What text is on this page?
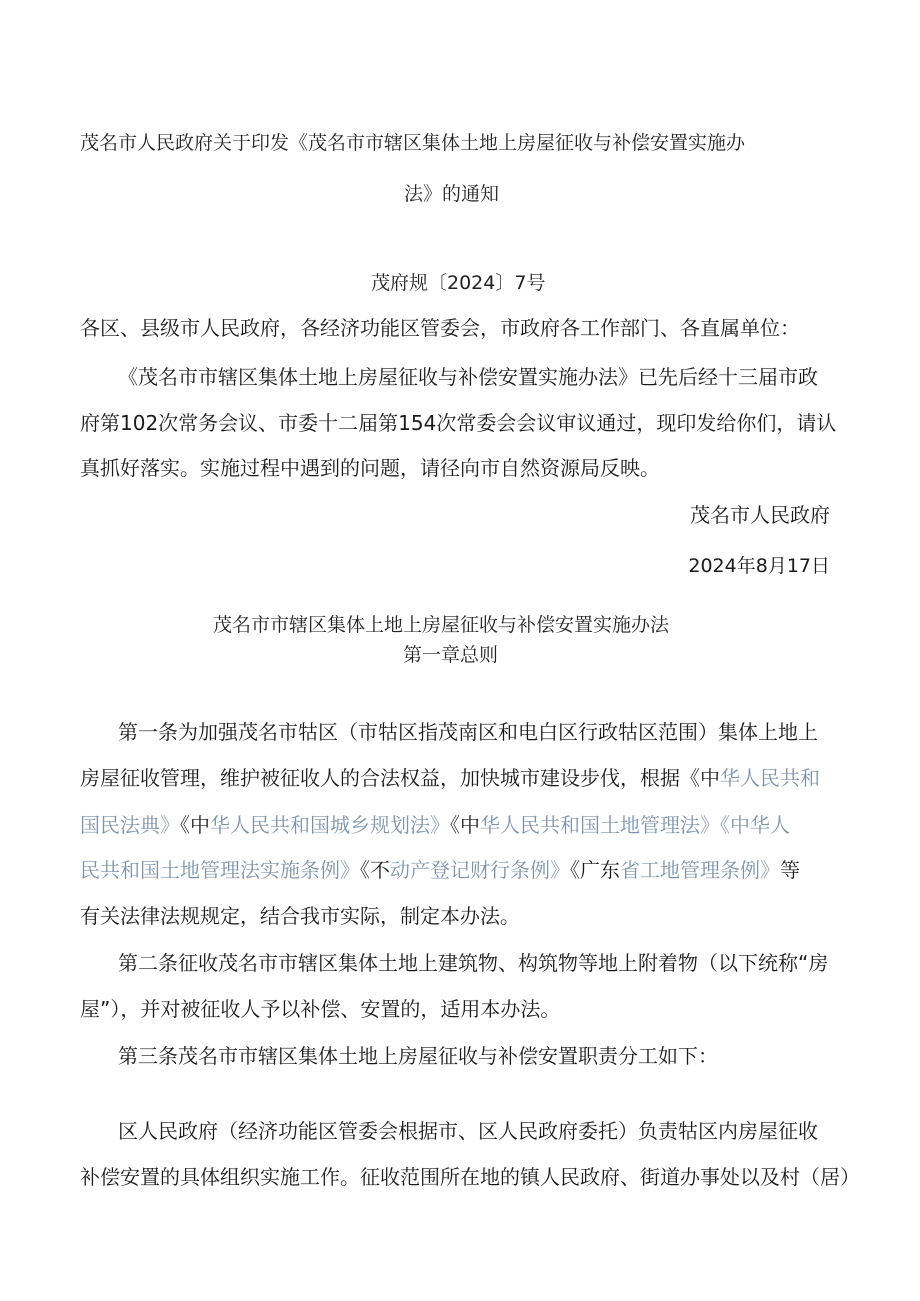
茂名市人民政府关于印发《茂名市市辖区集体土地上房屋征收与补偿安置实施办
法》的通知
茂府规〔2024〕7号
各区、县级市人民政府，各经济功能区管委会，市政府各工作部门、各直属单位：
《茂名市市辖区集体土地上房屋征收与补偿安置实施办法》已先后经十三届市政
府第102次常务会议、市委十二届第154次常委会会议审议通过，现印发给你们，请认
真抓好落实。实施过程中遇到的问题，请径向市自然资源局反映。
茂名市人民政府
2024年8月17日
茂名市市辖区集体上地上房屋征收与补偿安置实施办法
第一章总则
第一条为加强茂名市牯区（市牯区指茂南区和电白区行政牯区范围）集体上地上
房屋征收管理，维护被征收人的合法权益，加快城市建设步伐，根据《中华人民共和
国民法典》《中华人民共和国城乡规划法》《中华人民共和国土地管理法》《中华人
民共和国土地管理法实施条例》《不动产登记财行条例》《广东省工地管理条例》等
有关法律法规规定，结合我市实际，制定本办法。
第二条征收茂名市市辖区集体土地上建筑物、构筑物等地上附着物（以下统称“房
屋”），并对被征收人予以补偿、安置的，适用本办法。
第三条茂名市市辖区集体土地上房屋征收与补偿安置职责分工如下：
区人民政府（经济功能区管委会根据市、区人民政府委托）负责牯区内房屋征收
补偿安置的具体组织实施工作。征收范围所在地的镇人民政府、街道办事处以及村（居）
